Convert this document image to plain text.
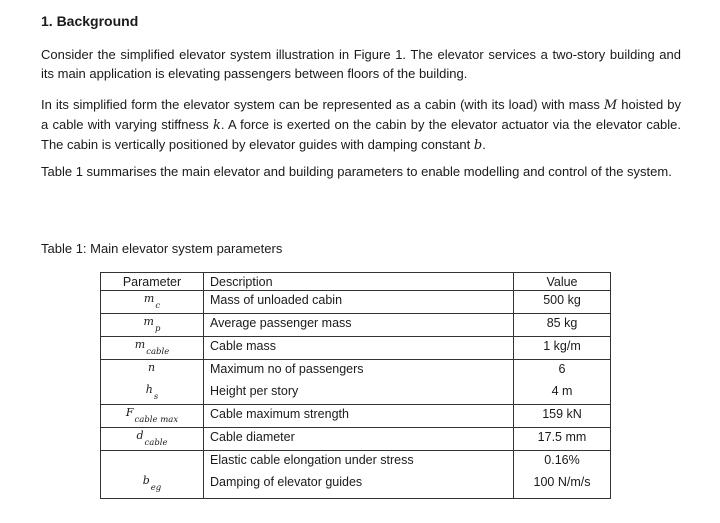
1. Background

Consider the simplified elevator system illustration in Figure 1. The elevator services a two-story building and its main application is elevating passengers between floors of the building.

In its simplified form the elevator system can be represented as a cabin (with its load) with mass M hoisted by a cable with varying stiffness k. A force is exerted on the cabin by the elevator actuator via the elevator cable. The cabin is vertically positioned by elevator guides with damping constant b.

Table 1 summarises the main elevator and building parameters to enable modelling and control of the system.

Table 1: Main elevator system parameters
Parameter	Description	Value
$m_c$	Mass of unloaded cabin	500 kg
$m_p$	Average passenger mass	85 kg
$m_{cable}$	Cable mass	1 kg/m
n	Maximum no of passengers	6
$h_s$	Height per story	4 m
$F_{cable max}$	Cable maximum strength	159 kN
$d_{cable}$	Cable diameter	17.5 mm
	Elastic cable elongation under stress	0.16%
$b_{eg}$	Damping of elevator guides	100 N/m/s
